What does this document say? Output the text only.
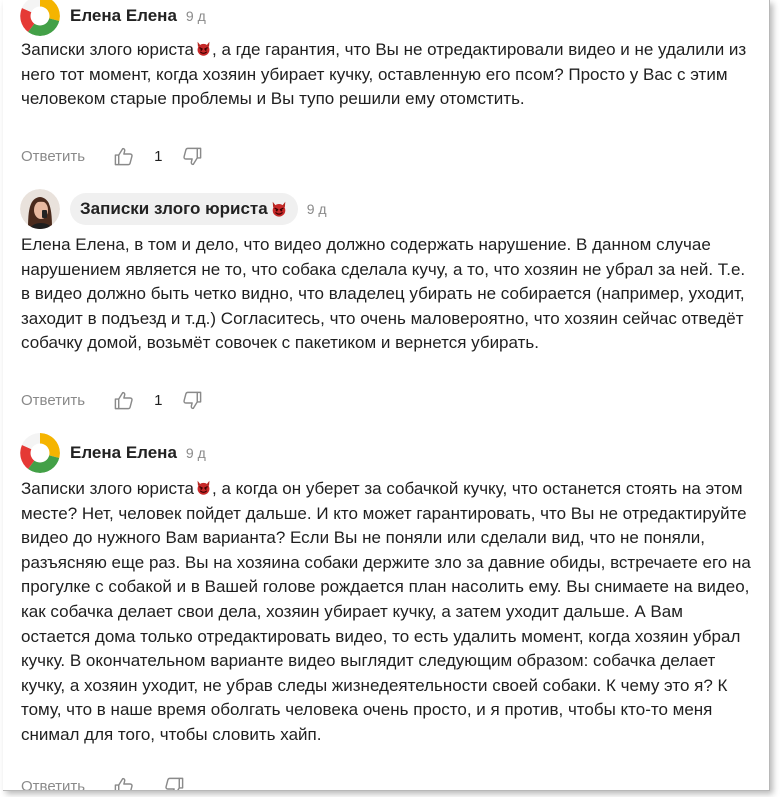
Елена Елена 9 д

Записки злого юриста , а где гарантия, что Вы не отредактировали видео и не удалили из него тот момент, когда хозяин убирает кучку, оставленную его псом? Просто у Вас с этим человеком старые проблемы и Вы тупо решили ему отомстить.

Ответить	1
Записки злого юриста	9 д

Елена Елена, в том и дело, что видео должно содержать нарушение. В данном случае нарушением является не то, что собака сделала кучу, а то, что хозяин не убрал за ней. Т.е. в видео должно быть четко видно, что владелец убирать не собирается (например, уходит, заходит в подъезд и т.д.) Согласитесь, что очень маловероятно, что хозяин сейчас отведёт собачку домой, возьмёт совочек с пакетиком и вернется убирать.

Ответить	1
Елена Елена 9 д

Записки злого юриста , а когда он уберет за собачкой кучку, что останется стоять на этом месте? Нет, человек пойдет дальше. И кто может гарантировать, что Вы не отредактируйте видео до нужного Вам варианта? Если Вы не поняли или сделали вид, что не поняли, разъясняю еще раз. Вы на хозяина собаки держите зло за давние обиды, встречаете его на прогулке с собакой и в Вашей голове рождается план насолить ему. Вы снимаете на видео, как собачка делает свои дела, хозяин убирает кучку, а затем уходит дальше. А Вам остается дома только отредактировать видео, то есть удалить момент, когда хозяин убрал кучку. В окончательном варианте видео выглядит следующим образом: собачка делает кучку, а хозяин уходит, не убрав следы жизнедеятельности своей собаки. К чему это я? К тому, что в наше время оболгать человека очень просто, и я против, чтобы кто-то меня снимал для того, чтобы словить хайп.

Ответить
